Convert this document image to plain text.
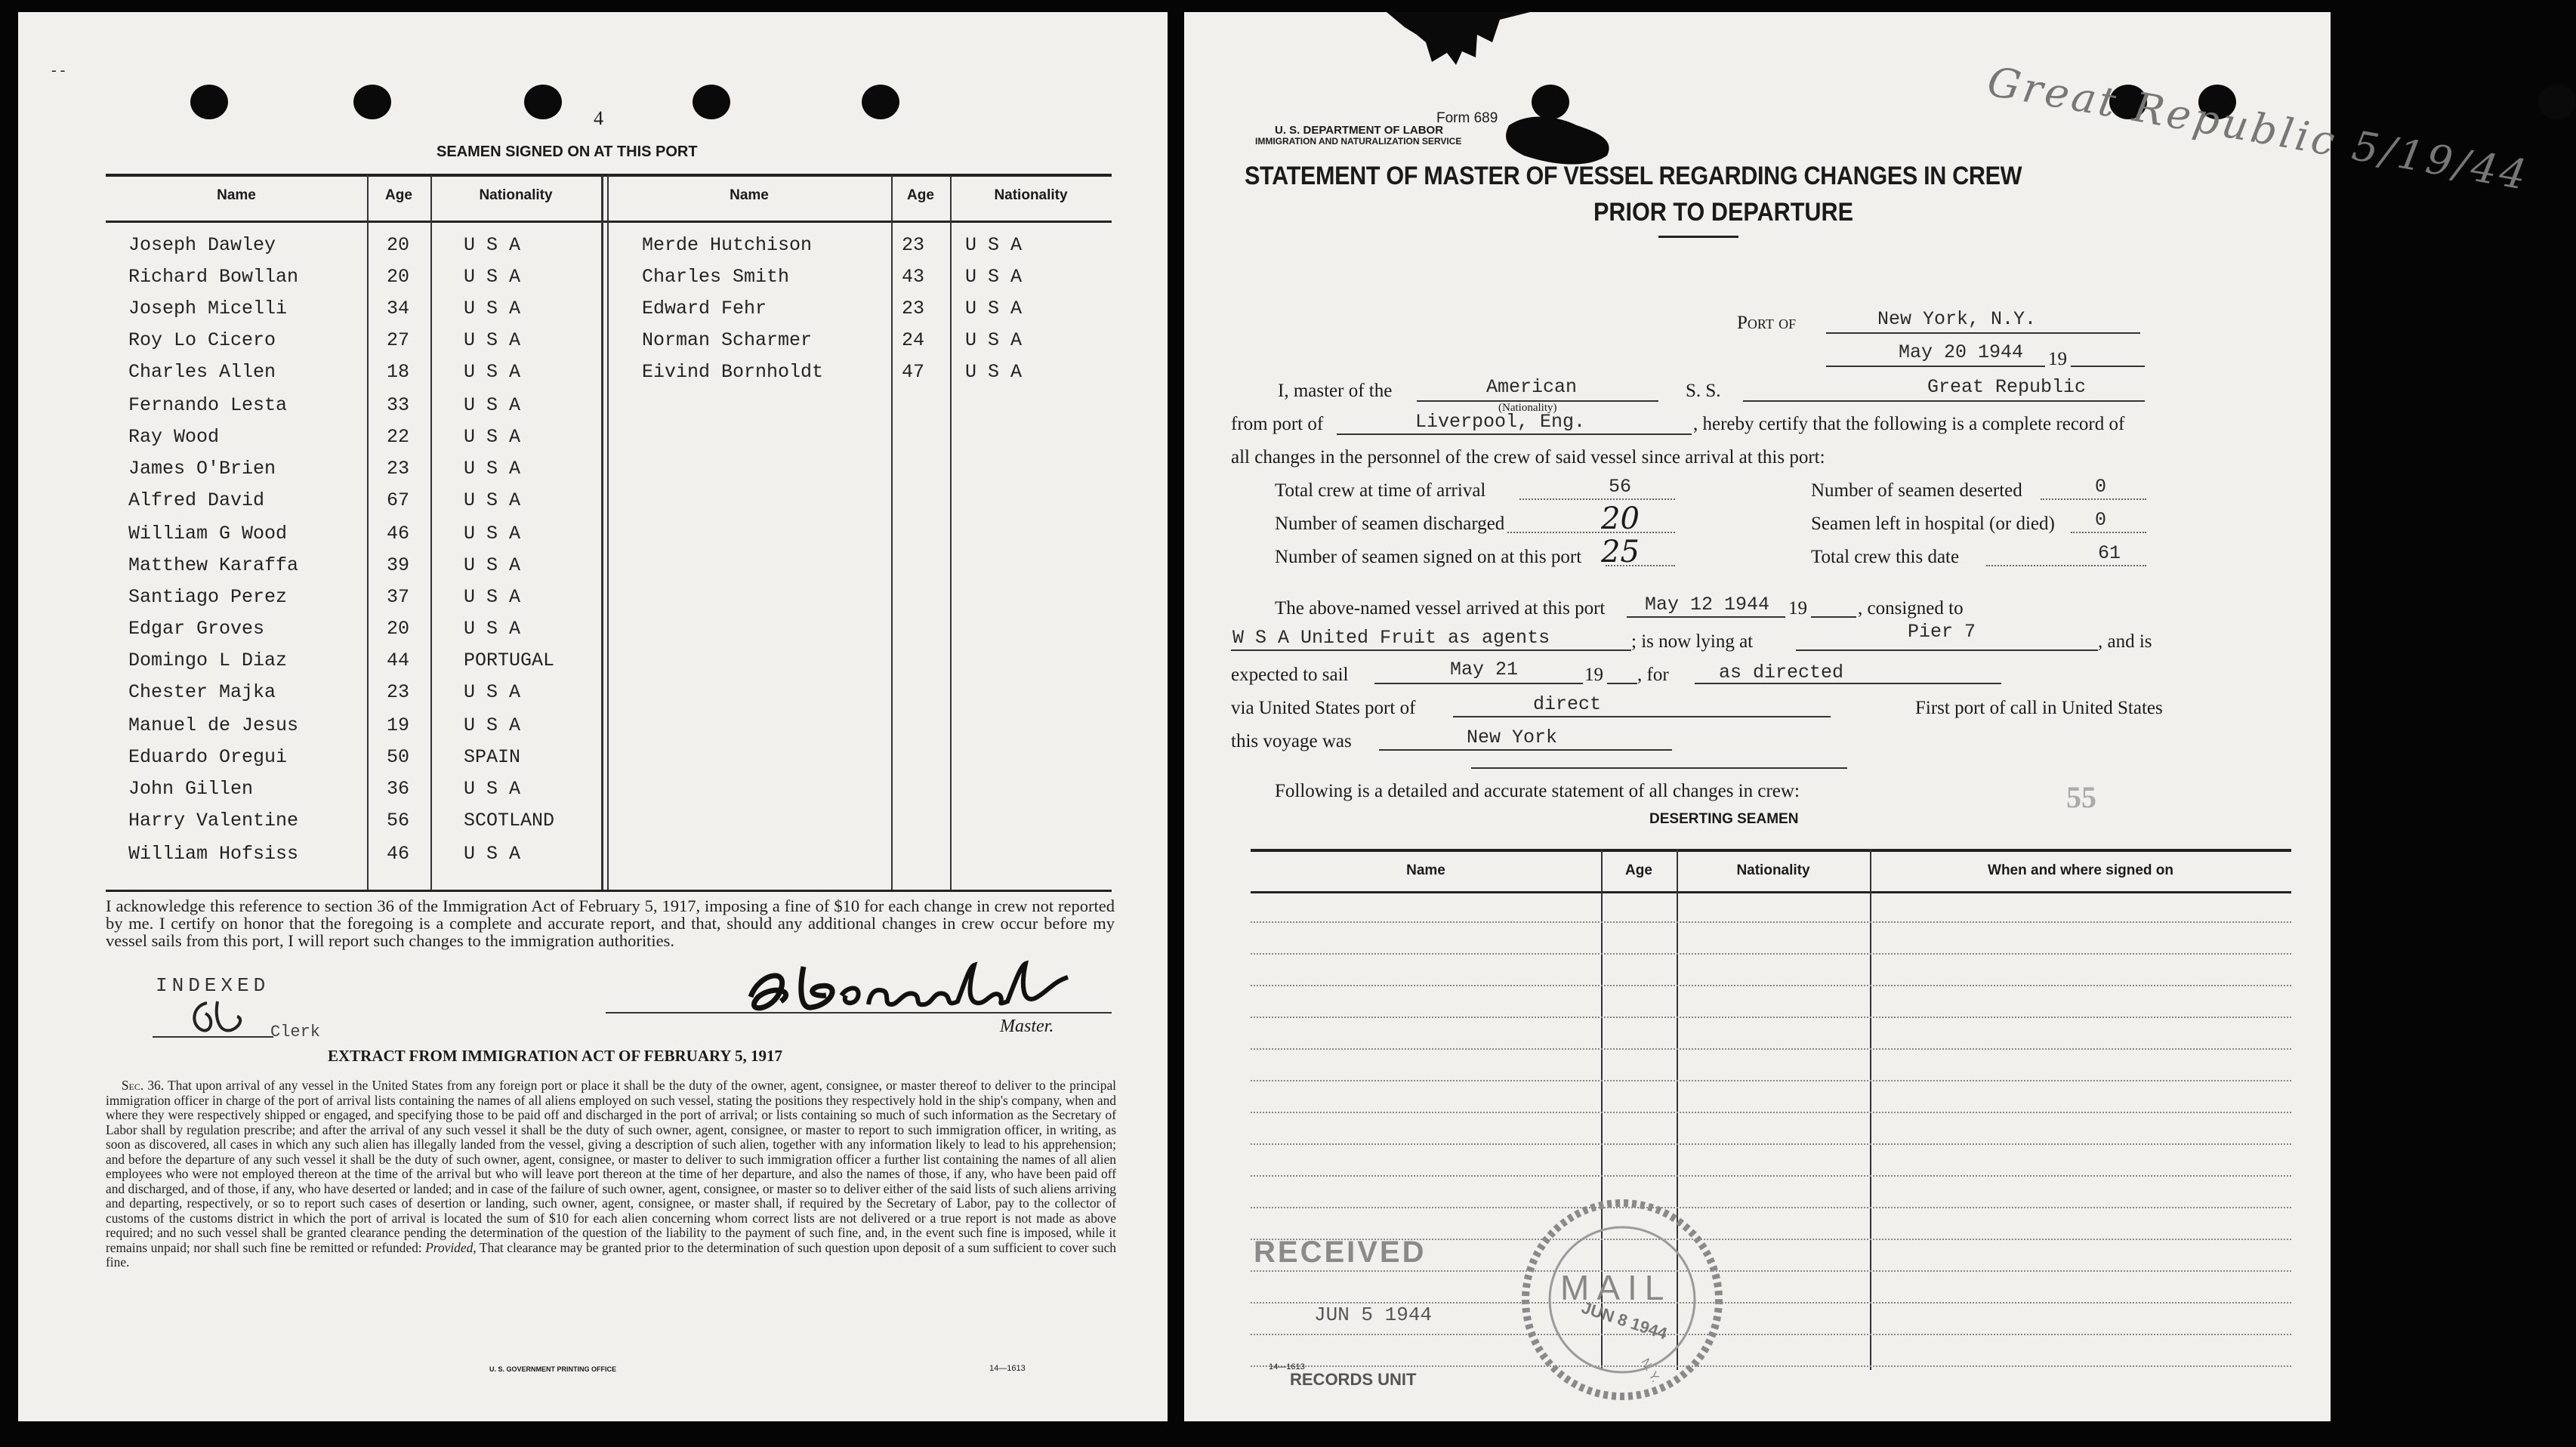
- -
4
SEAMEN SIGNED ON AT THIS PORT
Name	Age	Nationality	Name	Age	Nationality
Joseph Dawley	20	U S A
Richard Bowllan	20	U S A
Joseph Micelli	34	U S A
Roy Lo Cicero	27	U S A
Charles Allen	18	U S A
Fernando Lesta	33	U S A
Ray Wood	22	U S A
James O'Brien	23	U S A
Alfred David	67	U S A
William G Wood	46	U S A
Matthew Karaffa	39	U S A
Santiago Perez	37	U S A
Edgar Groves	20	U S A
Domingo L Diaz	44	PORTUGAL
Chester Majka	23	U S A
Manuel de Jesus	19	U S A
Eduardo Oregui	50	SPAIN
John Gillen	36	U S A
Harry Valentine	56	SCOTLAND
William Hofsiss	46	U S A
Merde Hutchison	23 U S A
Charles Smith	43 U S A
Edward Fehr	23 U S A
Norman Scharmer	24 U S A
Eivind Bornholdt	47 U S A
I acknowledge this reference to section 36 of the Immigration Act of February 5, 1917, imposing a fine of $10 for each change in crew not reported by me. I certify on honor that the foregoing is a complete and accurate report, and that, should any additional changes in crew occur before my vessel sails from this port, I will report such changes to the immigration authorities.
INDEXED
Clerk	Master.
EXTRACT FROM IMMIGRATION ACT OF FEBRUARY 5, 1917
Sec. 36. That upon arrival of any vessel in the United States from any foreign port or place it shall be the duty of the owner, agent, consignee, or master thereof to deliver to the principal immigration officer in charge of the port of arrival lists containing the names of all aliens employed on such vessel, stating the positions they respectively hold in the ship's company, when and where they were respectively shipped or engaged, and specifying those to be paid off and discharged in the port of arrival; or lists containing so much of such information as the Secretary of Labor shall by regulation prescribe; and after the arrival of any such vessel it shall be the duty of such owner, agent, consignee, or master to report to such immigration officer, in writing, as soon as discovered, all cases in which any such alien has illegally landed from the vessel, giving a description of such alien, together with any information likely to lead to his apprehension; and before the departure of any such vessel it shall be the duty of such owner, agent, consignee, or master to deliver to such immigration officer a further list containing the names of all alien employees who were not employed thereon at the time of the arrival but who will leave port thereon at the time of her departure, and also the names of those, if any, who have been paid off and discharged, and of those, if any, who have deserted or landed; and in case of the failure of such owner, agent, consignee, or master so to deliver either of the said lists of such aliens arriving and departing, respectively, or so to report such cases of desertion or landing, such owner, agent, consignee, or master shall, if required by the Secretary of Labor, pay to the collector of customs of the customs district in which the port of arrival is located the sum of $10 for each alien concerning whom correct lists are not delivered or a true report is not made as above required; and no such vessel shall be granted clearance pending the determination of the question of the liability to the payment of such fine, and, in the event such fine is imposed, while it remains unpaid; nor shall such fine be remitted or refunded: Provided, That clearance may be granted prior to the determination of such question upon deposit of a sum sufficient to cover such fine.
U. S. GOVERNMENT PRINTING OFFICE	14—1613
Form 689
U. S. DEPARTMENT OF LABOR
IMMIGRATION AND NATURALIZATION SERVICE	Great Republic 5/19/44
STATEMENT OF MASTER OF VESSEL REGARDING CHANGES IN CREW
PRIOR TO DEPARTURE
Port of	New York, N.Y.
May 20 1944 19
I, master of the	American
(Nationality)
S. S.	Great Republic
from port of	Liverpool, Eng.	, hereby certify that the following is a complete record of
all changes in the personnel of the crew of said vessel since arrival at this port:
Total crew at time of arrival	56
Number of seamen discharged	20
Number of seamen signed on at this port 25
Number of seamen deserted	0
Seamen left in hospital (or died) 0
Total crew this date	61
The above-named vessel arrived at this port May 12 1944 19	, consigned to
W S A United Fruit as agents	; is now lying at	Pier 7	, and is
expected to sail	May 21	19 , for	as directed
via United States port of	direct	First port of call in United States
this voyage was	New York
Following is a detailed and accurate statement of all changes in crew:
DESERTING SEAMEN
55
Name	Age	Nationality	When and where signed on
RECEIVED
JUN 5 1944
MAIL
JUN 8 1944
N. Y.
14—1613
RECORDS UNIT
